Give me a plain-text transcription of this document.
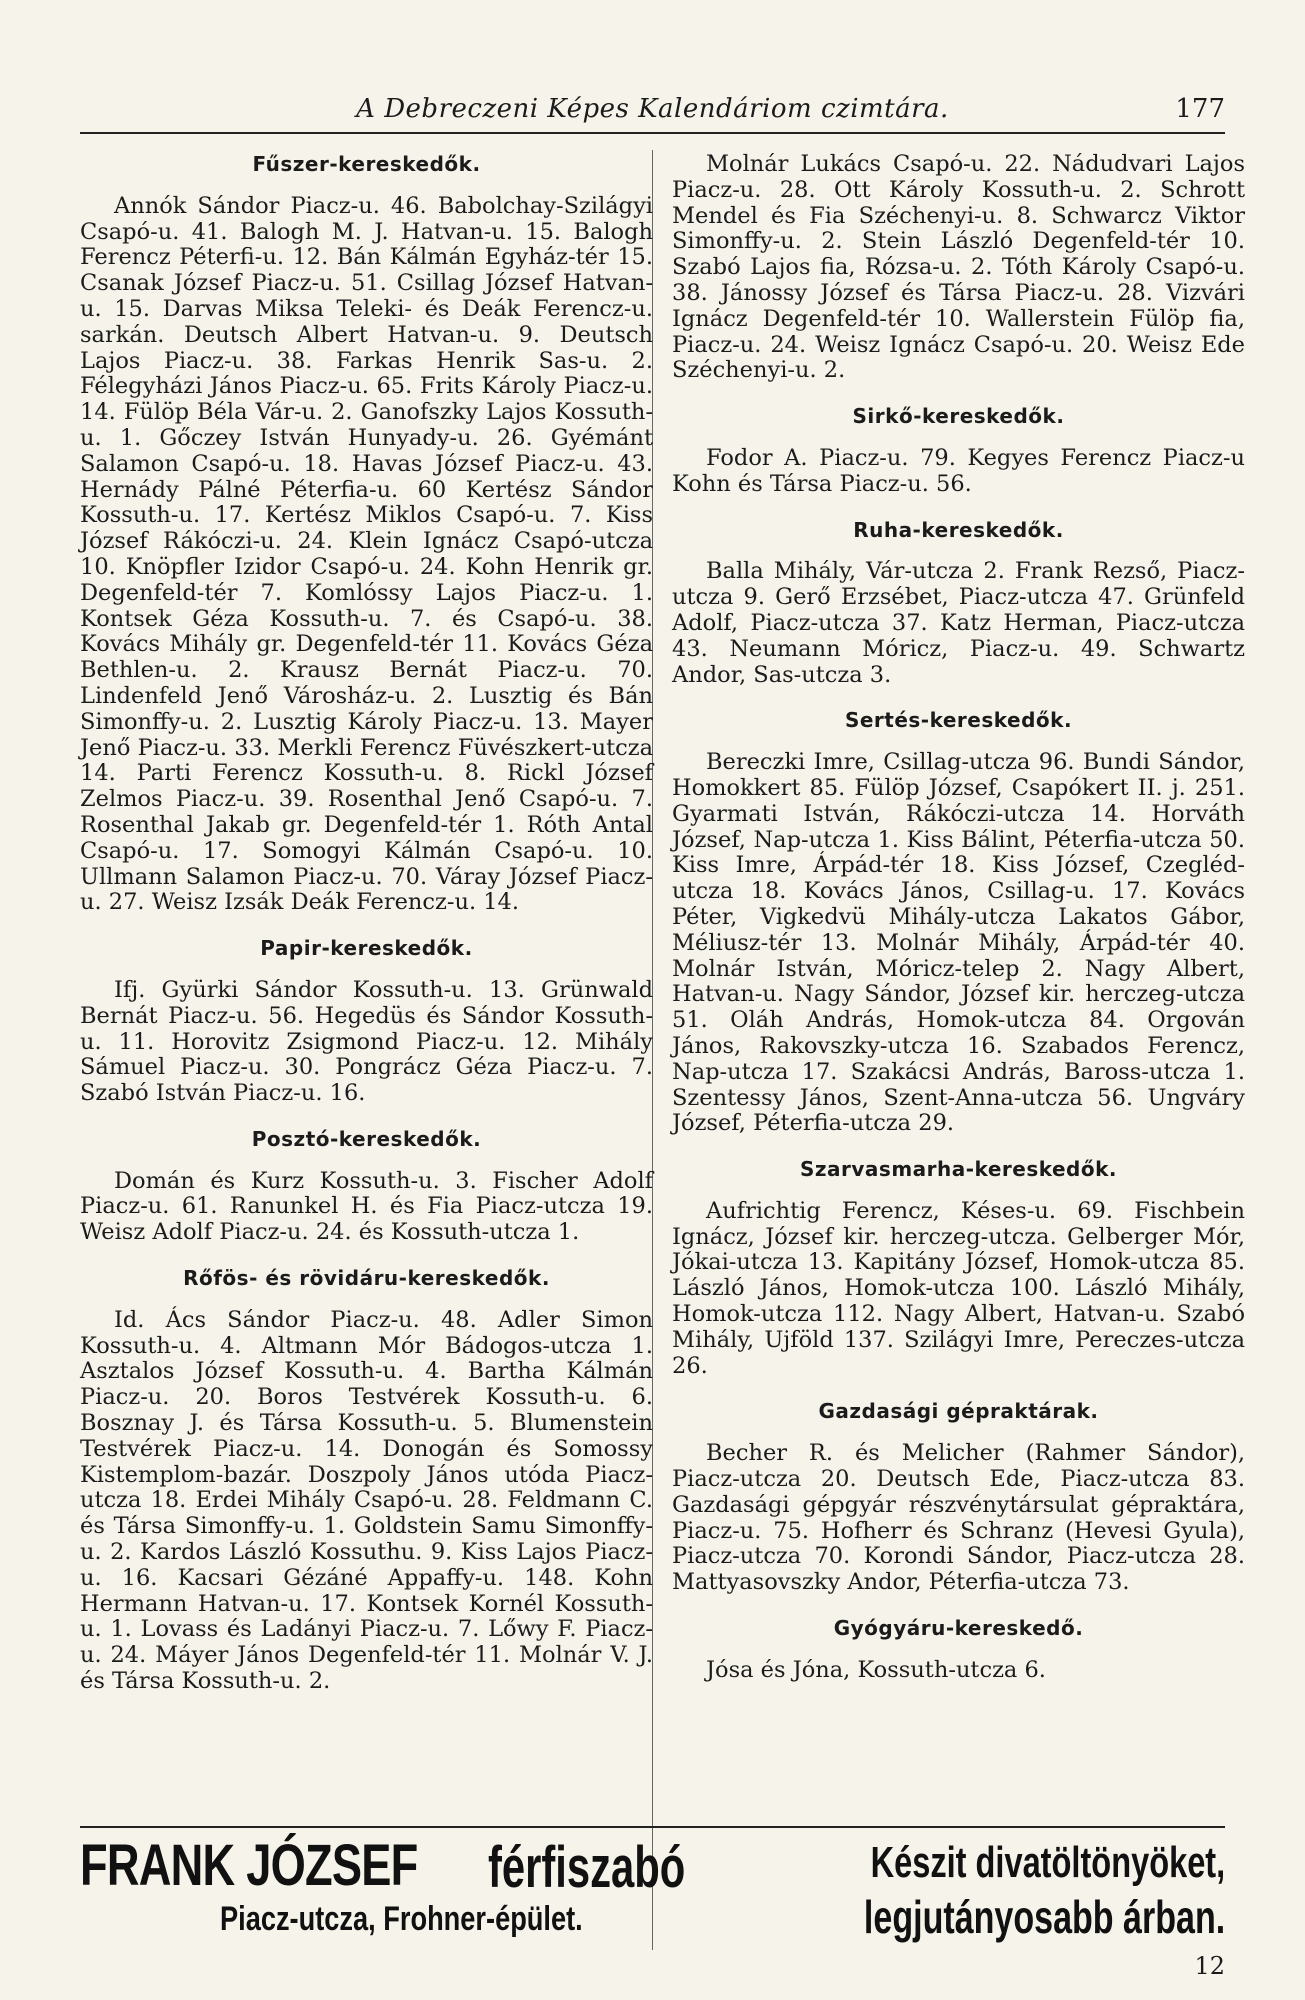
A Debreczeni Képes Kalendáriom czimtára.	177

Fűszer-kereskedők.

Annók Sándor Piacz-u. 46. Babolchay-Szilágyi Csapó-u. 41. Balogh M. J. Hatvan-u. 15. Balogh Ferencz Péterfi-u. 12. Bán Kálmán Egyház-tér 15. Csanak József Piacz-u. 51. Csillag József Hatvan-u. 15. Darvas Miksa Teleki- és Deák Ferencz-u. sarkán. Deutsch Albert Hatvan-u. 9. Deutsch Lajos Piacz-u. 38. Farkas Henrik Sas-u. 2. Félegyházi János Piacz-u. 65. Frits Károly Piacz-u. 14. Fülöp Béla Vár-u. 2. Ganofszky Lajos Kossuth-u. 1. Gőczey István Hunyady-u. 26. Gyémánt Salamon Csapó-u. 18. Havas József Piacz-u. 43. Hernády Pálné Péterfia-u. 60 Kertész Sándor Kossuth-u. 17. Kertész Miklos Csapó-u. 7. Kiss József Rákóczi-u. 24. Klein Ignácz Csapó-utcza 10. Knöpfler Izidor Csapó-u. 24. Kohn Henrik gr. Degenfeld-tér 7. Komlóssy Lajos Piacz-u. 1. Kontsek Géza Kossuth-u. 7. és Csapó-u. 38. Kovács Mihály gr. Degenfeld-tér 11. Kovács Géza Bethlen-u. 2. Krausz Bernát Piacz-u. 70. Lindenfeld Jenő Városház-u. 2. Lusztig és Bán Simonffy-u. 2. Lusztig Károly Piacz-u. 13. Mayer Jenő Piacz-u. 33. Merkli Ferencz Füvészkert-utcza 14. Parti Ferencz Kossuth-u. 8. Rickl József Zelmos Piacz-u. 39. Rosenthal Jenő Csapó-u. 7. Rosenthal Jakab gr. Degenfeld-tér 1. Róth Antal Csapó-u. 17. Somogyi Kálmán Csapó-u. 10. Ullmann Salamon Piacz-u. 70. Váray József Piacz-u. 27. Weisz Izsák Deák Ferencz-u. 14.

Papir-kereskedők.

Ifj. Gyürki Sándor Kossuth-u. 13. Grünwald Bernát Piacz-u. 56. Hegedüs és Sándor Kossuth-u. 11. Horovitz Zsigmond Piacz-u. 12. Mihály Sámuel Piacz-u. 30. Pongrácz Géza Piacz-u. 7. Szabó István Piacz-u. 16.

Posztó-kereskedők.

Domán és Kurz Kossuth-u. 3. Fischer Adolf Piacz-u. 61. Ranunkel H. és Fia Piacz-utcza 19. Weisz Adolf Piacz-u. 24. és Kossuth-utcza 1.

Rőfös- és rövidáru-kereskedők.

Id. Ács Sándor Piacz-u. 48. Adler Simon Kossuth-u. 4. Altmann Mór Bádogos-utcza 1. Asztalos József Kossuth-u. 4. Bartha Kálmán Piacz-u. 20. Boros Testvérek Kossuth-u. 6. Bosznay J. és Társa Kossuth-u. 5. Blumenstein Testvérek Piacz-u. 14. Donogán és Somossy Kistemplom-bazár. Doszpoly János utóda Piacz-utcza 18. Erdei Mihály Csapó-u. 28. Feldmann C. és Társa Simonffy-u. 1. Goldstein Samu Simonffy-u. 2. Kardos László Kossuthu. 9. Kiss Lajos Piacz-u. 16. Kacsari Gézáné Appaffy-u. 148. Kohn Hermann Hatvan-u. 17. Kontsek Kornél Kossuth-u. 1. Lovass és Ladányi Piacz-u. 7. Lőwy F. Piacz-u. 24. Máyer János Degenfeld-tér 11. Molnár V. J. és Társa Kossuth-u. 2.

Molnár Lukács Csapó-u. 22. Nádudvari Lajos Piacz-u. 28. Ott Károly Kossuth-u. 2. Schrott Mendel és Fia Széchenyi-u. 8. Schwarcz Viktor Simonffy-u. 2. Stein László Degenfeld-tér 10. Szabó Lajos fia, Rózsa-u. 2. Tóth Károly Csapó-u. 38. Jánossy József és Társa Piacz-u. 28. Vizvári Ignácz Degenfeld-tér 10. Wallerstein Fülöp fia, Piacz-u. 24. Weisz Ignácz Csapó-u. 20. Weisz Ede Széchenyi-u. 2.

Sirkő-kereskedők.

Fodor A. Piacz-u. 79. Kegyes Ferencz Piacz-u Kohn és Társa Piacz-u. 56.

Ruha-kereskedők.

Balla Mihály, Vár-utcza 2. Frank Rezső, Piacz-utcza 9. Gerő Erzsébet, Piacz-utcza 47. Grünfeld Adolf, Piacz-utcza 37. Katz Herman, Piacz-utcza 43. Neumann Móricz, Piacz-u. 49. Schwartz Andor, Sas-utcza 3.

Sertés-kereskedők.

Bereczki Imre, Csillag-utcza 96. Bundi Sándor, Homokkert 85. Fülöp József, Csapókert II. j. 251. Gyarmati István, Rákóczi-utcza 14. Horváth József, Nap-utcza 1. Kiss Bálint, Péterfia-utcza 50. Kiss Imre, Árpád-tér 18. Kiss József, Czegléd-utcza 18. Kovács János, Csillag-u. 17. Kovács Péter, Vigkedvü Mihály-utcza Lakatos Gábor, Méliusz-tér 13. Molnár Mihály, Árpád-tér 40. Molnár István, Móricz-telep 2. Nagy Albert, Hatvan-u. Nagy Sándor, József kir. herczeg-utcza 51. Oláh András, Homok-utcza 84. Orgován János, Rakovszky-utcza 16. Szabados Ferencz, Nap-utcza 17. Szakácsi András, Baross-utcza 1. Szentessy János, Szent-Anna-utcza 56. Ungváry József, Péterfia-utcza 29.

Szarvasmarha-kereskedők.

Aufrichtig Ferencz, Késes-u. 69. Fischbein Ignácz, József kir. herczeg-utcza. Gelberger Mór, Jókai-utcza 13. Kapitány József, Homok-utcza 85. László János, Homok-utcza 100. László Mihály, Homok-utcza 112. Nagy Albert, Hatvan-u. Szabó Mihály, Ujföld 137. Szilágyi Imre, Pereczes-utcza 26.

Gazdasági gépraktárak.

Becher R. és Melicher (Rahmer Sándor), Piacz-utcza 20. Deutsch Ede, Piacz-utcza 83. Gazdasági gépgyár részvénytársulat gépraktára, Piacz-u. 75. Hofherr és Schranz (Hevesi Gyula), Piacz-utcza 70. Korondi Sándor, Piacz-utcza 28. Mattyasovszky Andor, Péterfia-utcza 73.

Gyógyáru-kereskedő.

Jósa és Jóna, Kossuth-utcza 6.

FRANK JÓZSEF férfiszabó	Készit divatöltönyöket,
Piacz-utcza, Frohner-épület.	legjutányosabb árban.
12
